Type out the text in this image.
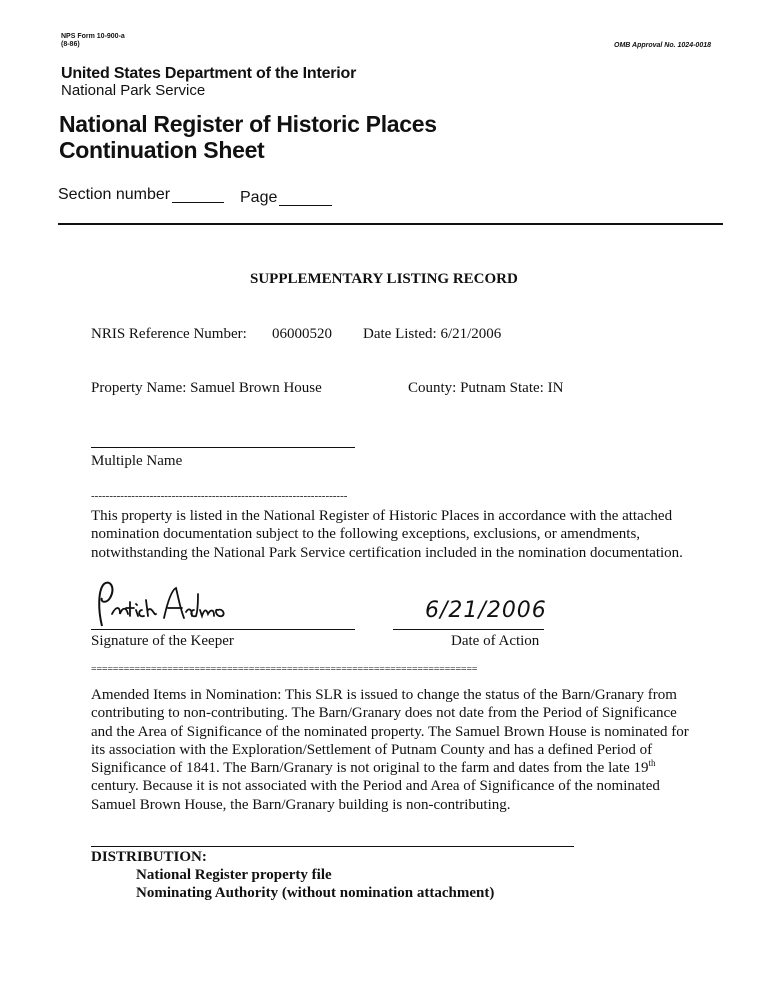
NPS Form 10-900-a
(8-86)	OMB Approval No. 1024-0018
United States Department of the Interior
National Park Service
National Register of Historic Places
Continuation Sheet
Section number	Page
SUPPLEMENTARY LISTING RECORD
NRIS Reference Number: 06000520 Date Listed: 6/21/2006
Property Name: Samuel Brown House	County: Putnam State: IN
Multiple Name
----------------------------------------------------------------------
This property is listed in the National Register of Historic Places in accordance with the attached nomination documentation subject to the following exceptions, exclusions, or amendments, notwithstanding the National Park Service certification included in the nomination documentation.
Signature of the Keeper
6/21/2006
Date of Action
=======================================================================
Amended Items in Nomination: This SLR is issued to change the status of the Barn/Granary from contributing to non-contributing. The Barn/Granary does not date from the Period of Significance and the Area of Significance of the nominated property. The Samuel Brown House is nominated for its association with the Exploration/Settlement of Putnam County and has a defined Period of Significance of 1841. The Barn/Granary is not original to the farm and dates from the late 19th century. Because it is not associated with the Period and Area of Significance of the nominated Samuel Brown House, the Barn/Granary building is non-contributing.
DISTRIBUTION:
National Register property file
Nominating Authority (without nomination attachment)
